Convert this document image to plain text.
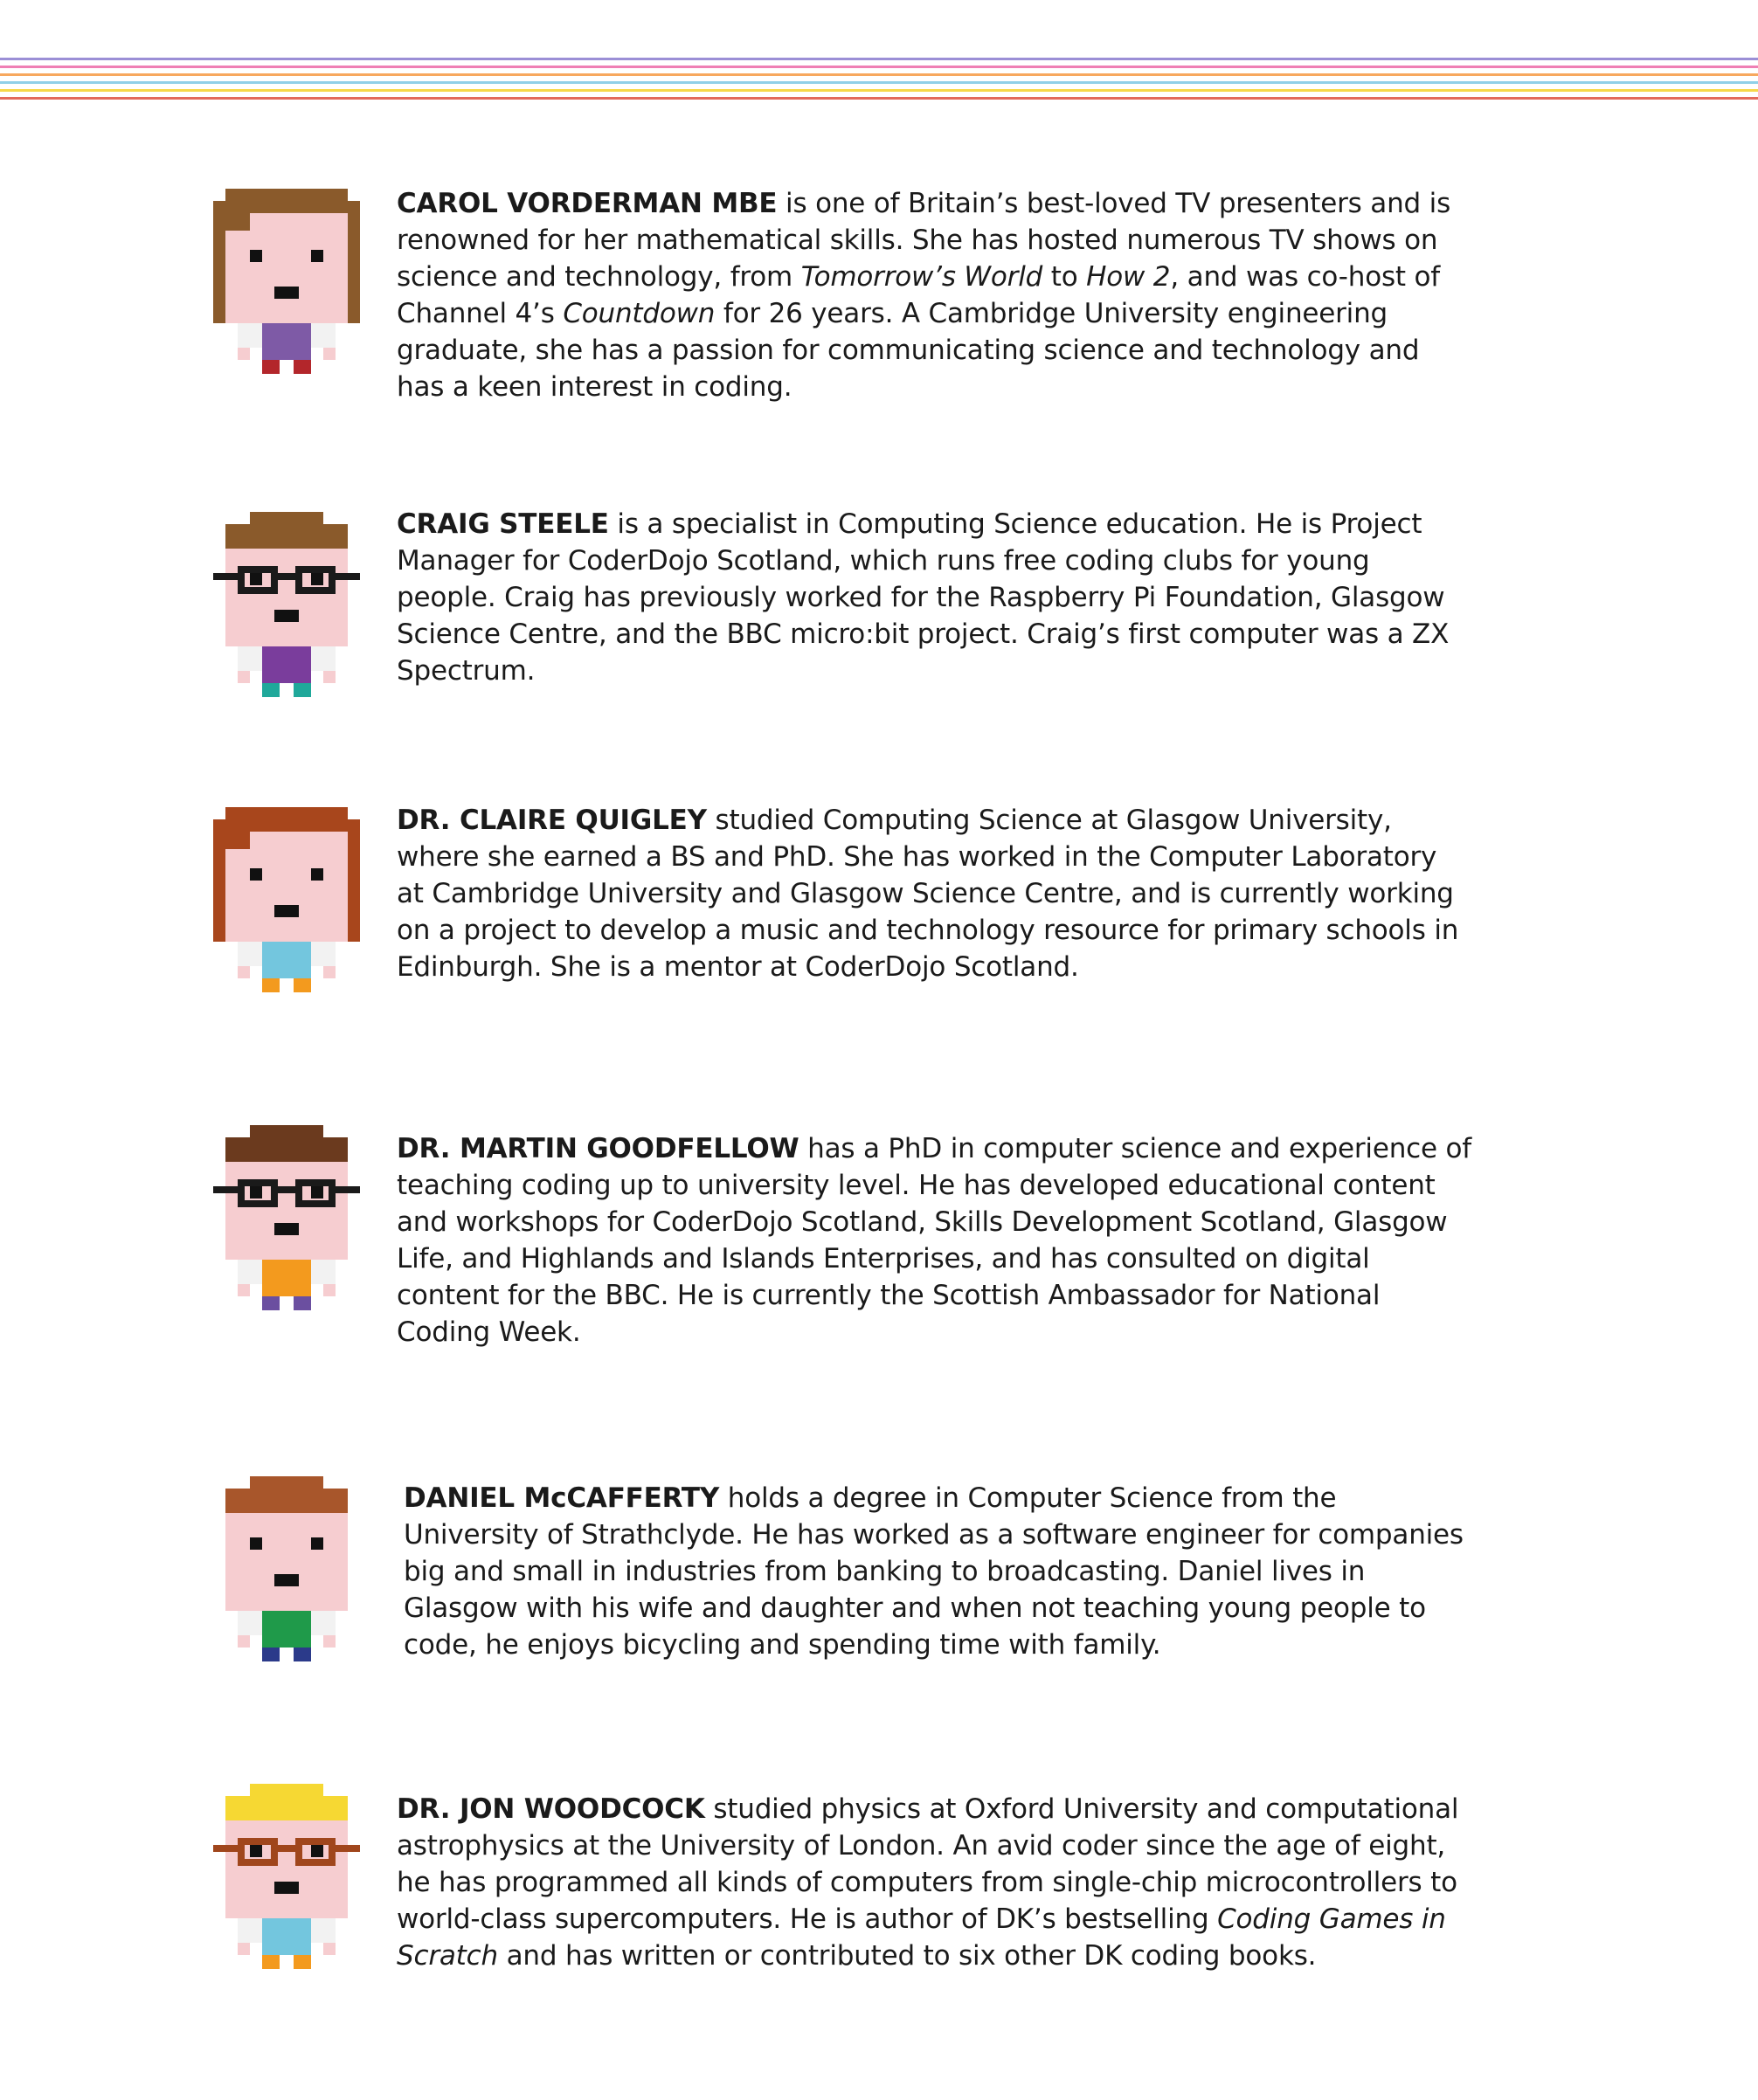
CAROL VORDERMAN MBE is one of Britain’s best-loved TV presenters and is renowned for her mathematical skills. She has hosted numerous TV shows on science and technology, from Tomorrow’s World to How 2, and was co-host of Channel 4’s Countdown for 26 years. A Cambridge University engineering graduate, she has a passion for communicating science and technology and has a keen interest in coding.
CRAIG STEELE is a specialist in Computing Science education. He is Project Manager for CoderDojo Scotland, which runs free coding clubs for young people. Craig has previously worked for the Raspberry Pi Foundation, Glasgow Science Centre, and the BBC micro:bit project. Craig’s first computer was a ZX Spectrum.
DR. CLAIRE QUIGLEY studied Computing Science at Glasgow University, where she earned a BS and PhD. She has worked in the Computer Laboratory at Cambridge University and Glasgow Science Centre, and is currently working on a project to develop a music and technology resource for primary schools in Edinburgh. She is a mentor at CoderDojo Scotland.
DR. MARTIN GOODFELLOW has a PhD in computer science and experience of teaching coding up to university level. He has developed educational content and workshops for CoderDojo Scotland, Skills Development Scotland, Glasgow Life, and Highlands and Islands Enterprises, and has consulted on digital content for the BBC. He is currently the Scottish Ambassador for National Coding Week.
DANIEL McCAFFERTY holds a degree in Computer Science from the University of Strathclyde. He has worked as a software engineer for companies big and small in industries from banking to broadcasting. Daniel lives in Glasgow with his wife and daughter and when not teaching young people to code, he enjoys bicycling and spending time with family.
DR. JON WOODCOCK studied physics at Oxford University and computational astrophysics at the University of London. An avid coder since the age of eight, he has programmed all kinds of computers from single-chip microcontrollers to world-class supercomputers. He is author of DK’s bestselling Coding Games in Scratch and has written or contributed to six other DK coding books.
